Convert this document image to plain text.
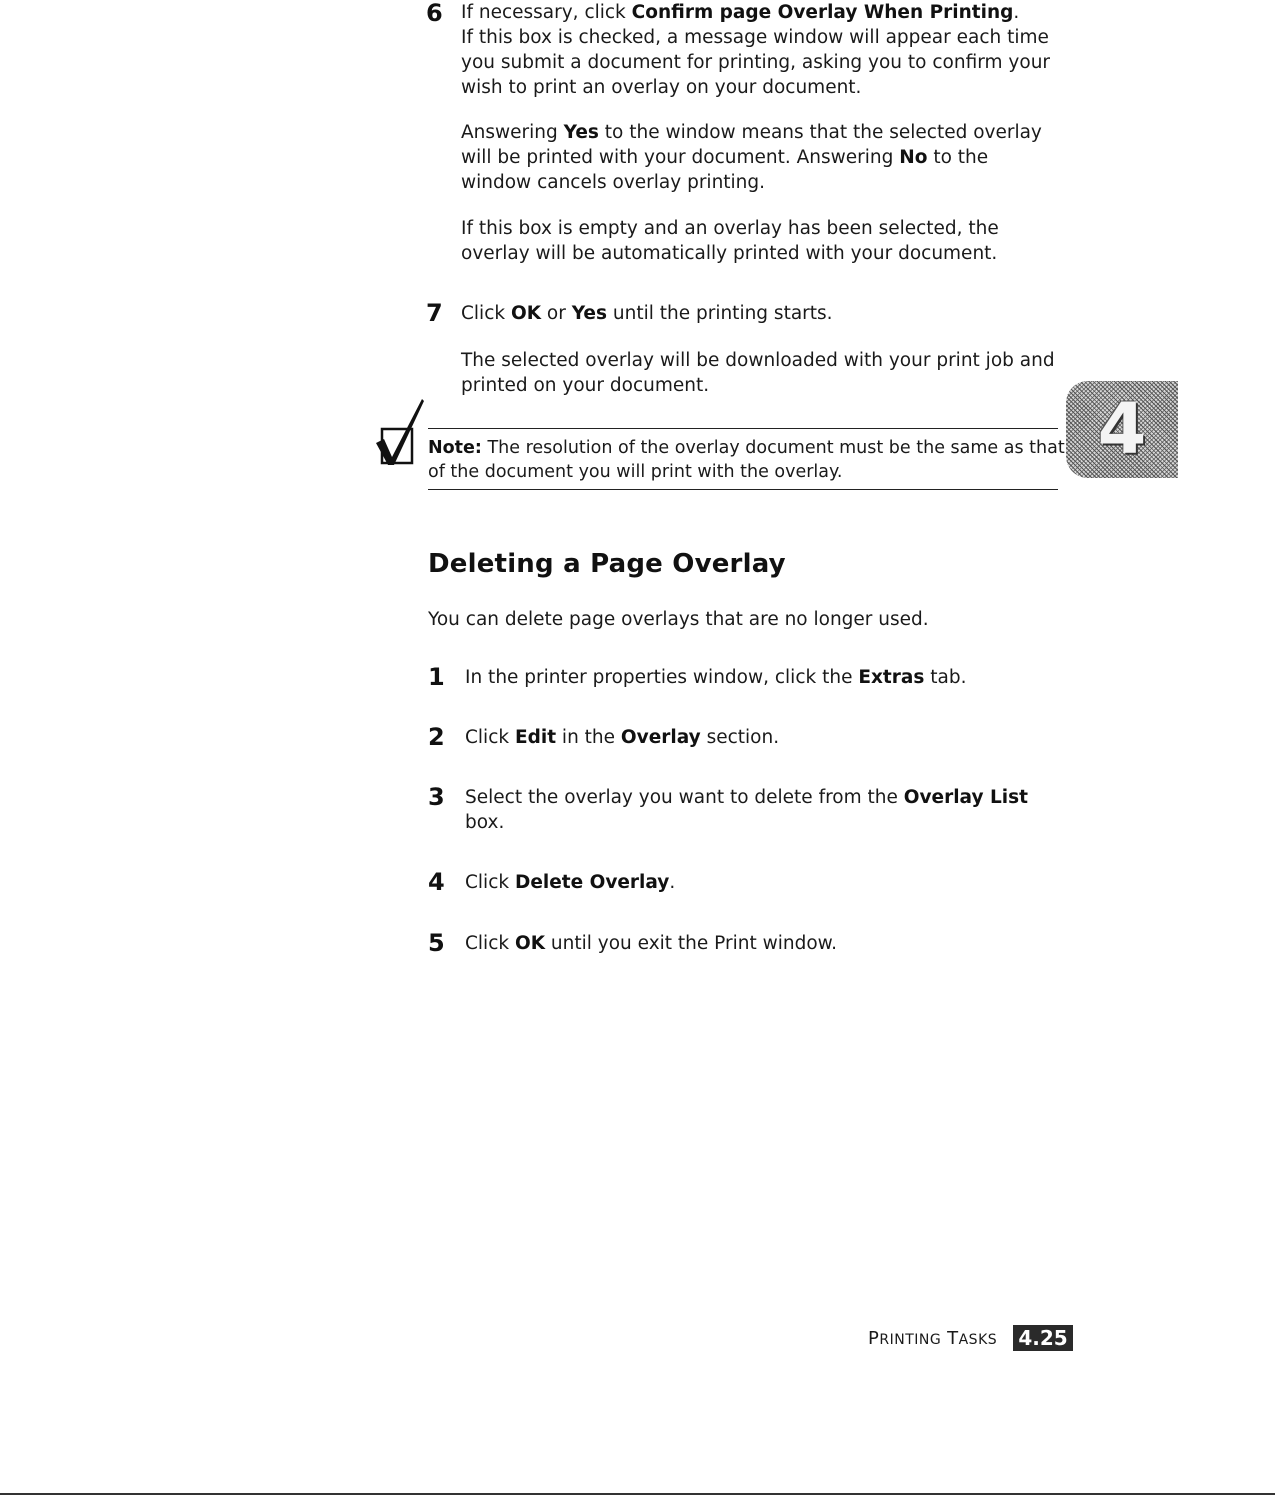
6 If necessary, click Confirm page Overlay When Printing.
If this box is checked, a message window will appear each time you submit a document for printing, asking you to confirm your wish to print an overlay on your document.
Answering Yes to the window means that the selected overlay will be printed with your document. Answering No to the window cancels overlay printing.
If this box is empty and an overlay has been selected, the overlay will be automatically printed with your document.
7 Click OK or Yes until the printing starts.
The selected overlay will be downloaded with your print job and printed on your document.
Note: The resolution of the overlay document must be the same as that of the document you will print with the overlay.
4
Deleting a Page Overlay
You can delete page overlays that are no longer used.
1 In the printer properties window, click the Extras tab.
2 Click Edit in the Overlay section.
3 Select the overlay you want to delete from the Overlay List box.
4 Click Delete Overlay.
5 Click OK until you exit the Print window.
PRINTING TASKS 4.25
